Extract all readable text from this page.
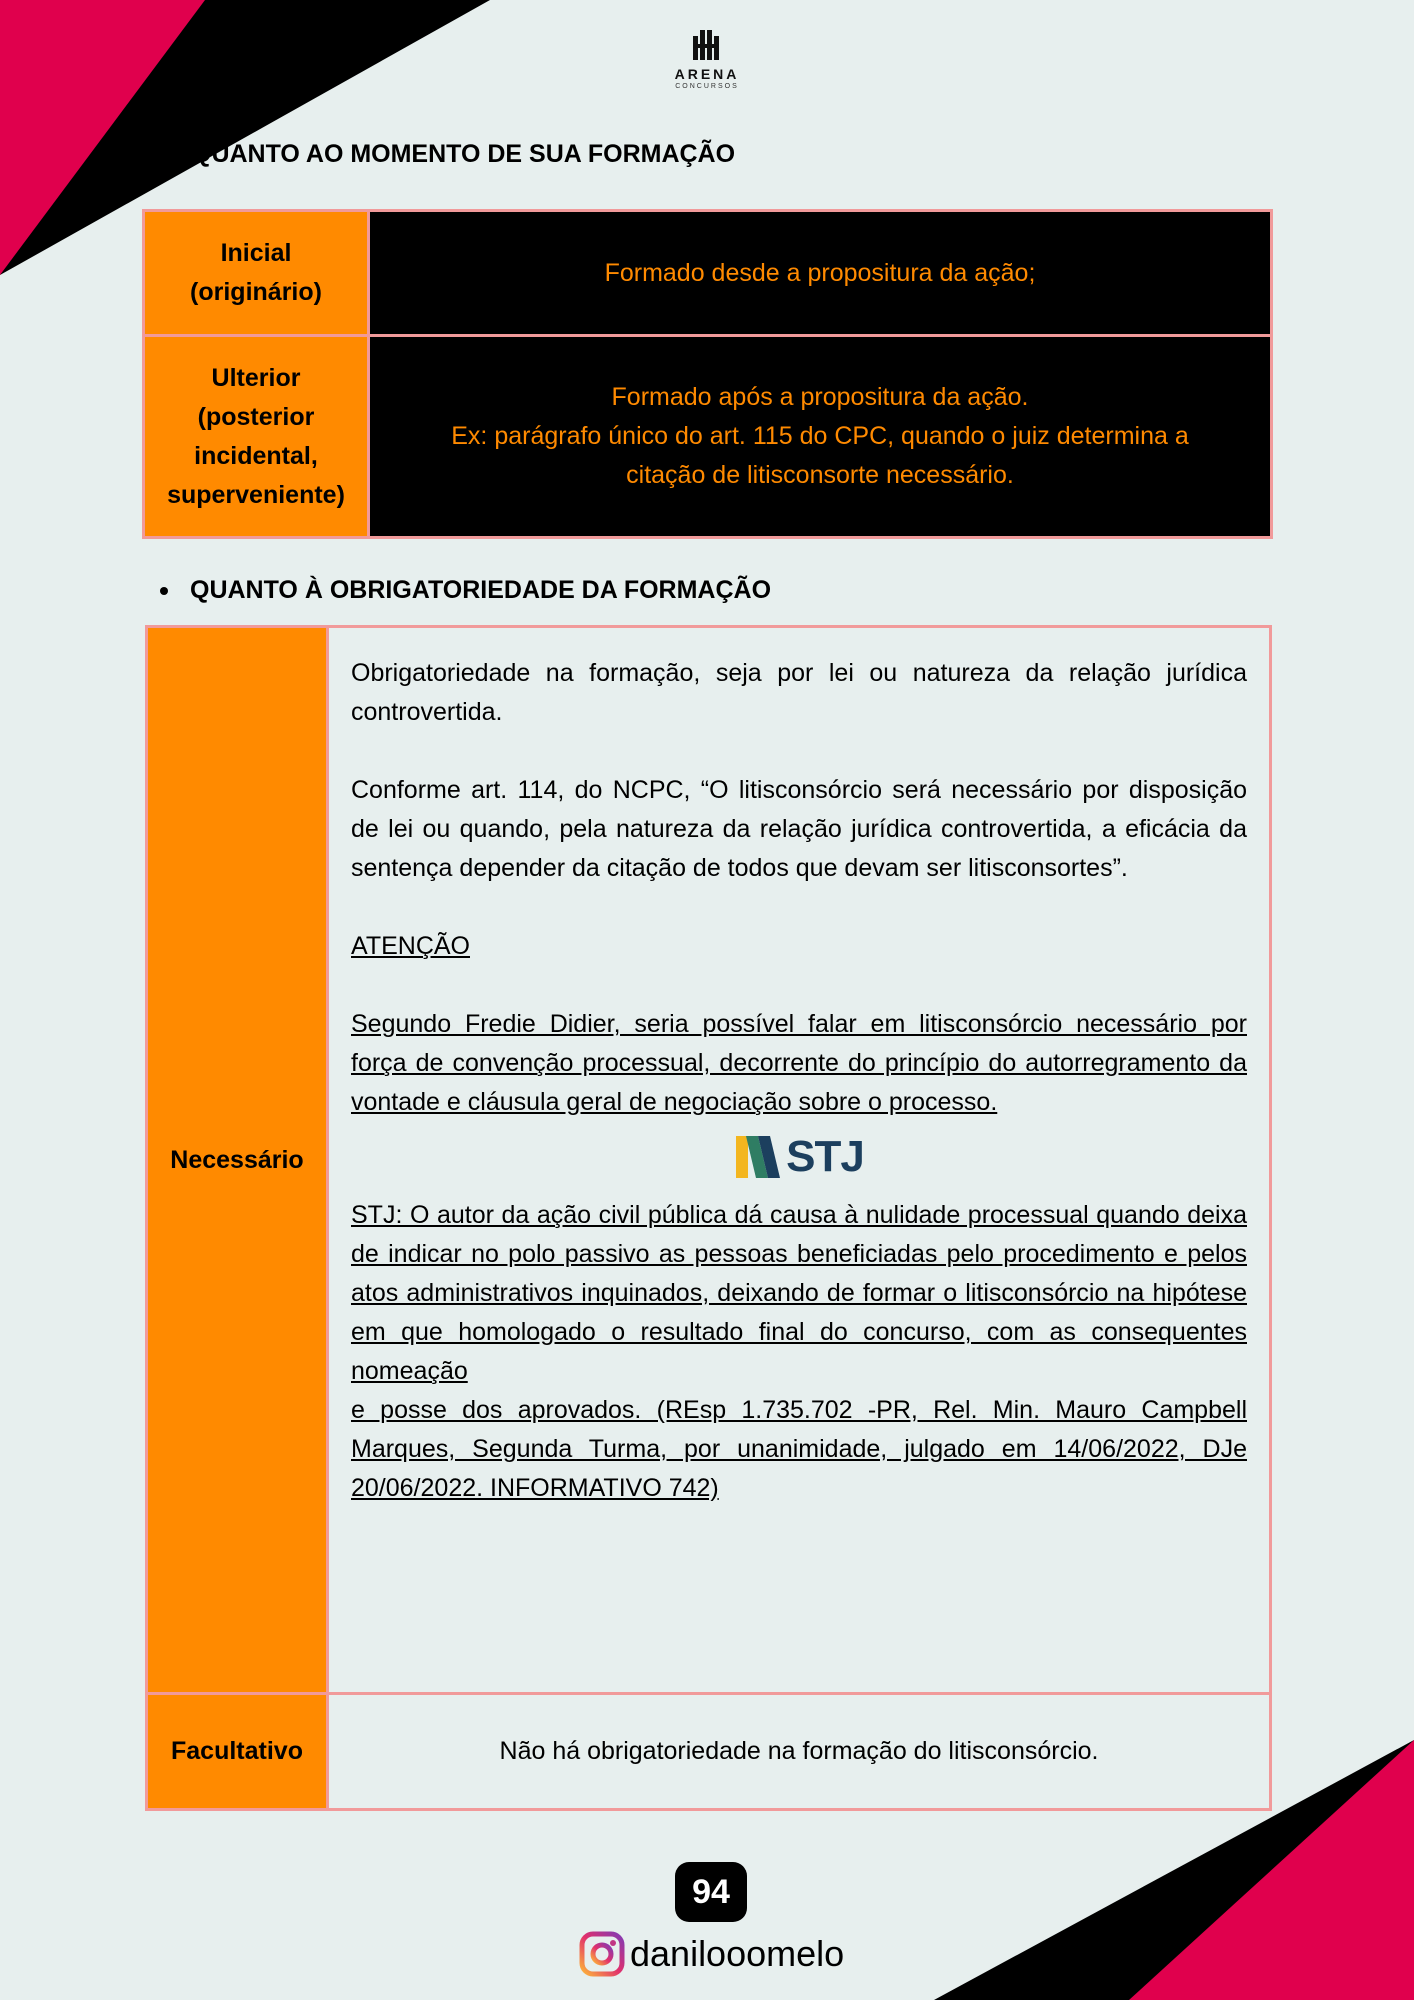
ARENA
CONCURSOS
QUANTO AO MOMENTO DE SUA FORMAÇÃO
Inicial
(originário)
Formado desde a propositura da ação;
Ulterior
(posterior
incidental,
superveniente)
Formado após a propositura da ação.
Ex: parágrafo único do art. 115 do CPC, quando o juiz determina a
citação de litisconsorte necessário.
QUANTO À OBRIGATORIEDADE DA FORMAÇÃO
Necessário

Obrigatoriedade na formação, seja por lei ou natureza da relação jurídica controvertida.

Conforme art. 114, do NCPC, “O litisconsórcio será necessário por disposição de lei ou quando, pela natureza da relação jurídica controvertida, a eficácia da sentença depender da citação de todos que devam ser litisconsortes”.

ATENÇÃO

Segundo Fredie Didier, seria possível falar em litisconsórcio necessário por força de convenção processual, decorrente do princípio do autorregramento da vontade e cláusula geral de negociação sobre o processo.

STJ

STJ: O autor da ação civil pública dá causa à nulidade processual quando deixa de indicar no polo passivo as pessoas beneficiadas pelo procedimento e pelos atos administrativos inquinados, deixando de formar o litisconsórcio na hipótese em que homologado o resultado final do concurso, com as consequentes nomeação

e posse dos aprovados. (REsp 1.735.702 -PR, Rel. Min. Mauro Campbell Marques, Segunda Turma, por unanimidade, julgado em 14/06/2022, DJe 20/06/2022. INFORMATIVO 742)

Facultativo	Não há obrigatoriedade na formação do litisconsórcio.
94
danilooomelo
